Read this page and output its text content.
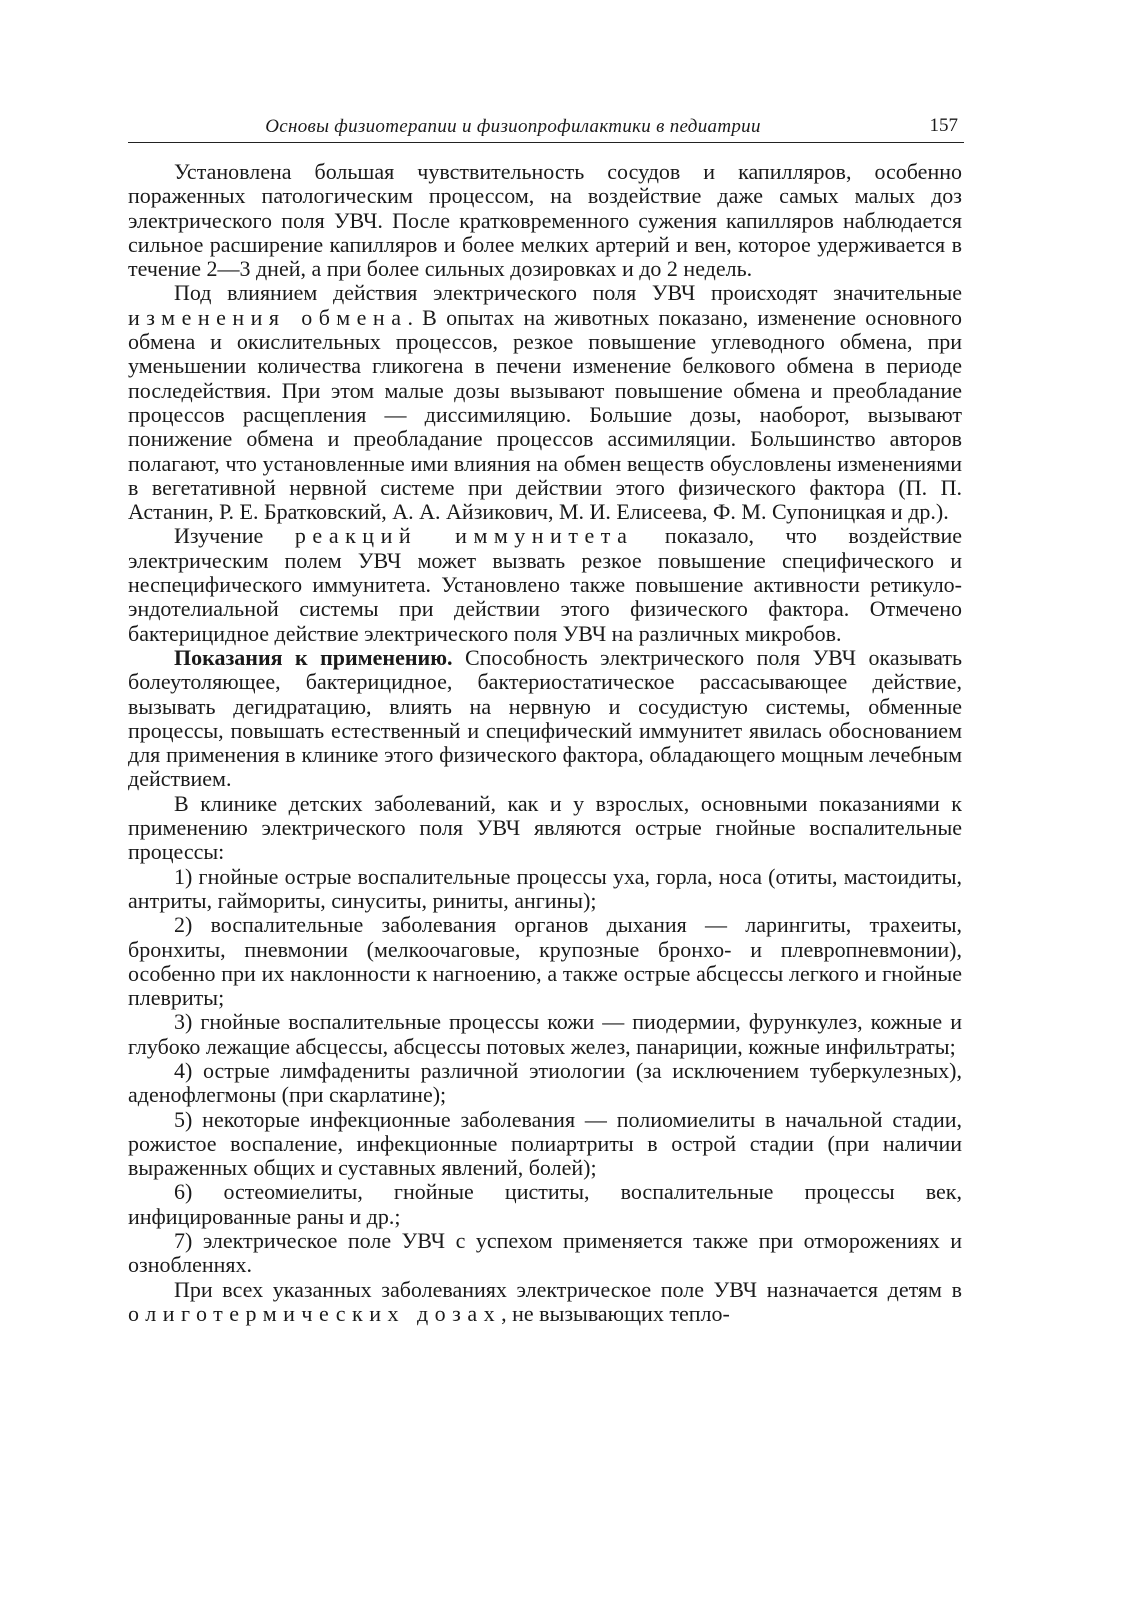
Основы физиотерапии и физиопрофилактики в педиатрии	157

Установлена большая чувствительность сосудов и капилляров, особенно пораженных патологическим процессом, на воздействие даже самых малых доз электрического поля УВЧ. После кратковременного сужения капилляров наблюдается сильное расширение капилляров и более мелких артерий и вен, которое удерживается в течение 2—3 дней, а при более сильных дозировках и до 2 недель.

Под влиянием действия электрического поля УВЧ происходят значительные изменения обмена. В опытах на животных показано, изменение основного обмена и окислительных процессов, резкое повышение углеводного обмена, при уменьшении количества гликогена в печени изменение белкового обмена в периоде последействия. При этом малые дозы вызывают повышение обмена и преобладание процессов расщепления — диссимиляцию. Большие дозы, наоборот, вызывают понижение обмена и преобладание процессов ассимиляции. Большинство авторов полагают, что установленные ими влияния на обмен веществ обусловлены изменениями в вегетативной нервной системе при действии этого физического фактора (П. П. Астанин, Р. Е. Братковский, А. А. Айзикович, М. И. Елисеева, Ф. М. Супоницкая и др.).

Изучение реакций иммунитета показало, что воздействие электрическим полем УВЧ может вызвать резкое повышение специфического и неспецифического иммунитета. Установлено также повышение активности ретикуло-эндотелиальной системы при действии этого физического фактора. Отмечено бактерицидное действие электрического поля УВЧ на различных микробов.

Показания к применению. Способность электрического поля УВЧ оказывать болеутоляющее, бактерицидное, бактериостатическое рассасывающее действие, вызывать дегидратацию, влиять на нервную и сосудистую системы, обменные процессы, повышать естественный и специфический иммунитет явилась обоснованием для применения в клинике этого физического фактора, обладающего мощным лечебным действием.

В клинике детских заболеваний, как и у взрослых, основными показаниями к применению электрического поля УВЧ являются острые гнойные воспалительные процессы:

1) гнойные острые воспалительные процессы уха, горла, носа (отиты, мастоидиты, антриты, гаймориты, синуситы, риниты, ангины);

2) воспалительные заболевания органов дыхания — ларингиты, трахеиты, бронхиты, пневмонии (мелкоочаговые, крупозные бронхо- и плевропневмонии), особенно при их наклонности к нагноению, а также острые абсцессы легкого и гнойные плевриты;

3) гнойные воспалительные процессы кожи — пиодермии, фурункулез, кожные и глубоко лежащие абсцессы, абсцессы потовых желез, панариции, кожные инфильтраты;

4) острые лимфадениты различной этиологии (за исключением туберкулезных), аденофлегмоны (при скарлатине);

5) некоторые инфекционные заболевания — полиомиелиты в начальной стадии, рожистое воспаление, инфекционные полиартриты в острой стадии (при наличии выраженных общих и суставных явлений, болей);

6) остеомиелиты, гнойные циститы, воспалительные процессы век, инфицированные раны и др.;

7) электрическое поле УВЧ с успехом применяется также при отморожениях и ознобленнях.

При всех указанных заболеваниях электрическое поле УВЧ назначается детям в олиготермических дозах, не вызывающих тепло-
